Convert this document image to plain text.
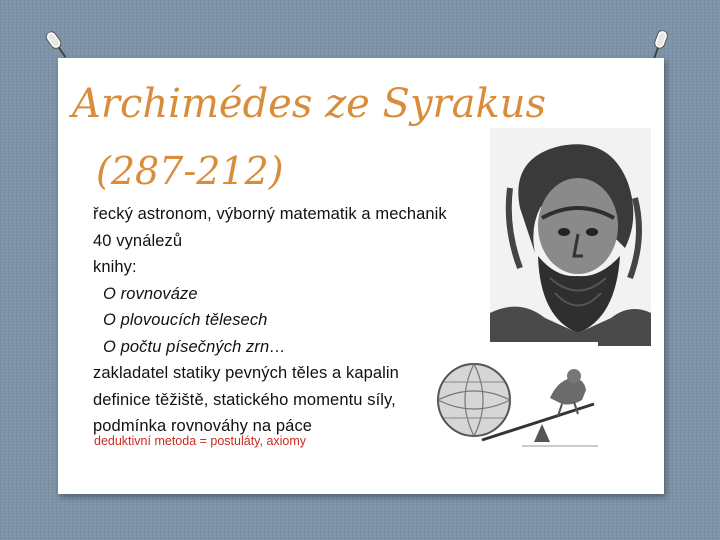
Archimédes ze Syrakus
(287-212)
řecký astronom, výborný matematik a mechanik
40 vynálezů
knihy:
O rovnováze
O plovoucích tělesech
O počtu písečných zrn…
zakladatel statiky pevných těles a kapalin
definice těžiště, statického momentu síly,
podmínka rovnováhy na páce
deduktivní metoda = postuláty, axiomy
